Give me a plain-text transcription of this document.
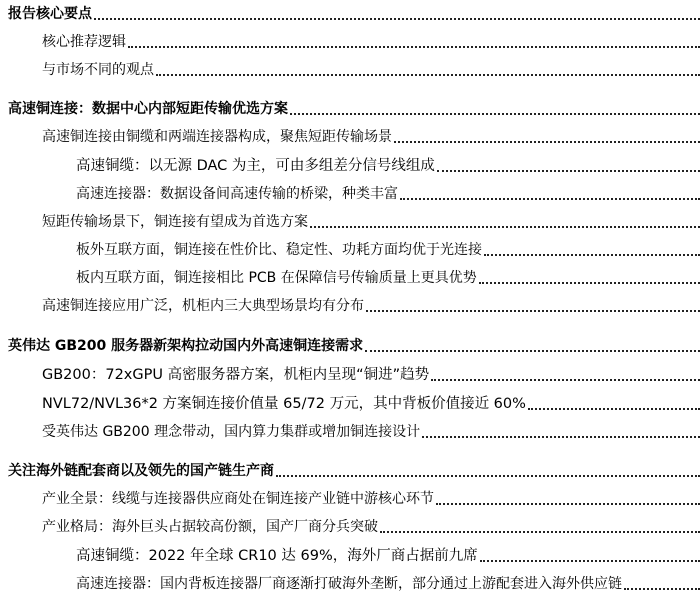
报告核心要点
核心推荐逻辑
与市场不同的观点
高速铜连接：数据中心内部短距传输优选方案
高速铜连接由铜缆和两端连接器构成，聚焦短距传输场景
高速铜缆：以无源 DAC 为主，可由多组差分信号线组成
高速连接器：数据设备间高速传输的桥梁，种类丰富
短距传输场景下，铜连接有望成为首选方案
板外互联方面，铜连接在性价比、稳定性、功耗方面均优于光连接
板内互联方面，铜连接相比 PCB 在保障信号传输质量上更具优势
高速铜连接应用广泛，机柜内三大典型场景均有分布
英伟达 GB200 服务器新架构拉动国内外高速铜连接需求
GB200：72xGPU 高密服务器方案，机柜内呈现“铜进”趋势
NVL72/NVL36*2 方案铜连接价值量 65/72 万元，其中背板价值接近 60%
受英伟达 GB200 理念带动，国内算力集群或增加铜连接设计
关注海外链配套商以及领先的国产链生产商
产业全景：线缆与连接器供应商处在铜连接产业链中游核心环节
产业格局：海外巨头占据较高份额，国产厂商分兵突破
高速铜缆：2022 年全球 CR10 达 69%，海外厂商占据前九席
高速连接器：国内背板连接器厂商逐渐打破海外垄断，部分通过上游配套进入海外供应链
